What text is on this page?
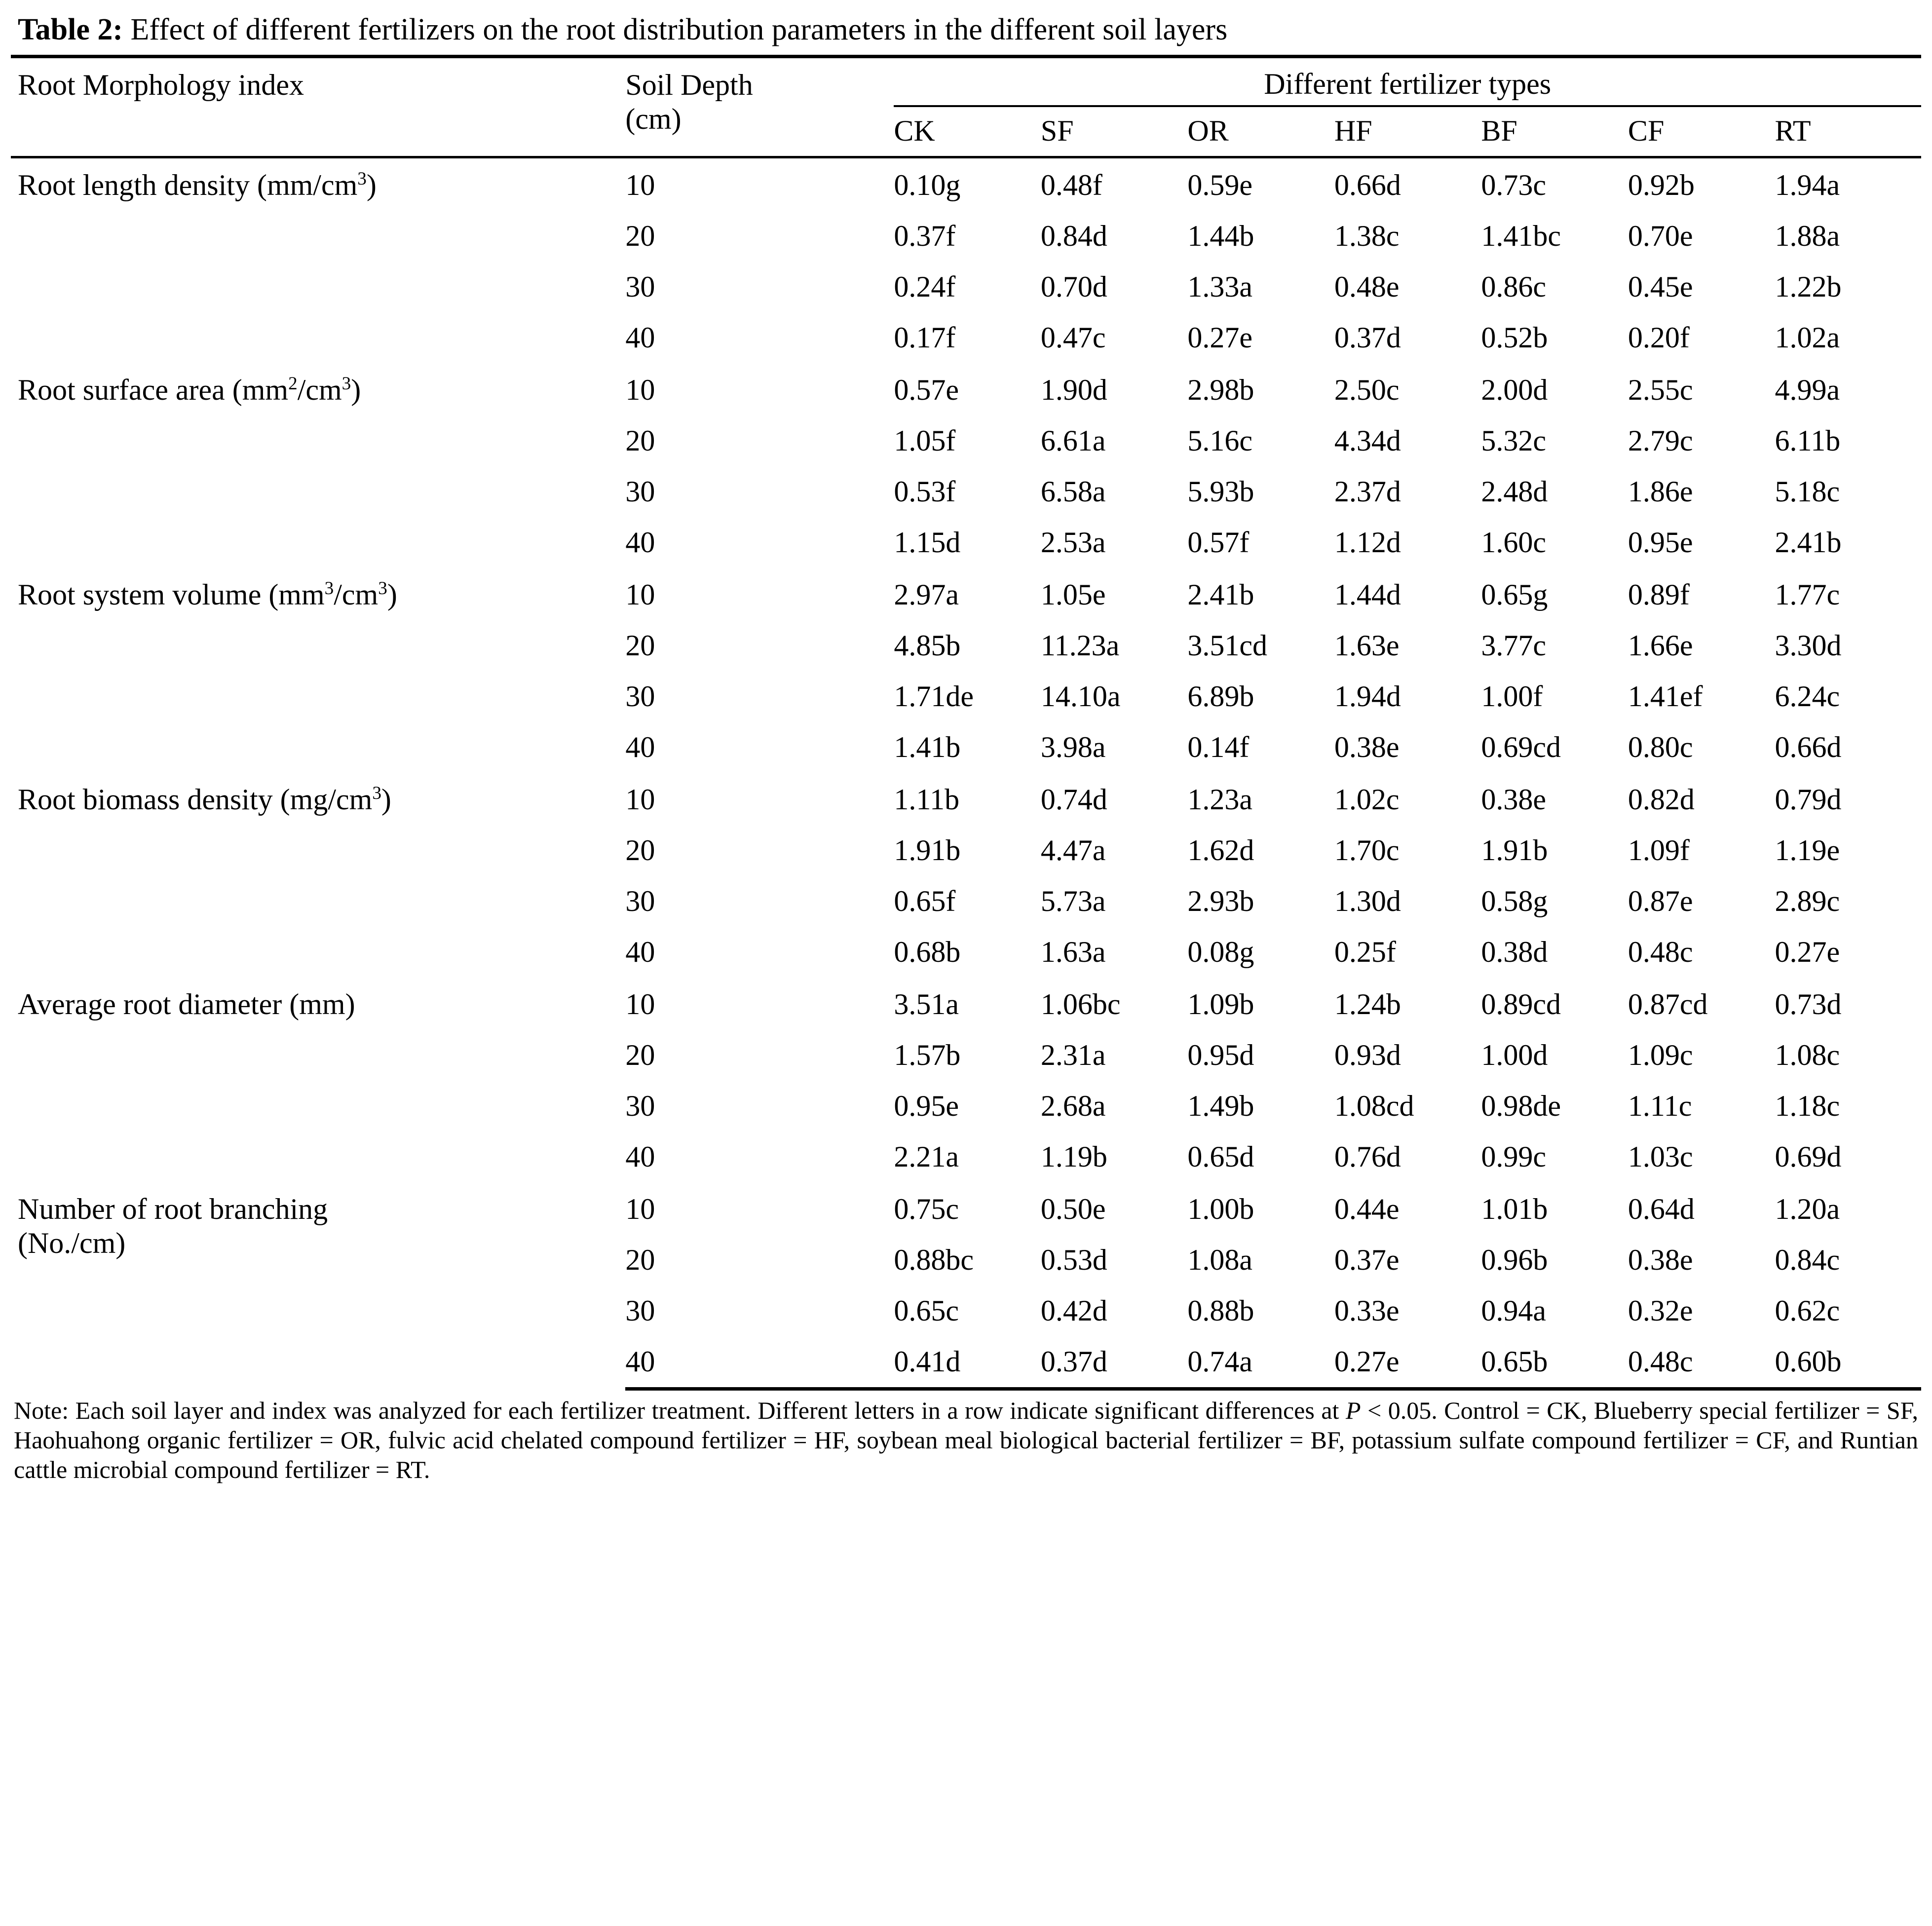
Table 2: Effect of different fertilizers on the root distribution parameters in the different soil layers
Root Morphology index	Soil Depth
(cm)	Different fertilizer types						
		CK	SF	OR	HF	BF	CF	RT
Root length density $(mm/cm^3)$	10	0.10g	0.48f	0.59e	0.66d	0.73c	0.92b	1.94a
	20	0.37f	0.84d	1.44b	1.38c	1.41bc	0.70e	1.88a
	30	0.24f	0.70d	1.33a	0.48e	0.86c	0.45e	1.22b
	40	0.17f	0.47c	0.27e	0.37d	0.52b	0.20f	1.02a
Root surface area $(mm^2/cm^3)$	10	0.57e	1.90d	2.98b	2.50c	2.00d	2.55c	4.99a
	20	1.05f	6.61a	5.16c	4.34d	5.32c	2.79c	6.11b
	30	0.53f	6.58a	5.93b	2.37d	2.48d	1.86e	5.18c
	40	1.15d	2.53a	0.57f	1.12d	1.60c	0.95e	2.41b
Root system volume $(mm^3/cm^3)$	10	2.97a	1.05e	2.41b	1.44d	0.65g	0.89f	1.77c
	20	4.85b	11.23a	3.51cd	1.63e	3.77c	1.66e	3.30d
	30	1.71de	14.10a	6.89b	1.94d	1.00f	1.41ef	6.24c
	40	1.41b	3.98a	0.14f	0.38e	0.69cd	0.80c	0.66d
Root biomass density $(mg/cm^3)$	10	1.11b	0.74d	1.23a	1.02c	0.38e	0.82d	0.79d
	20	1.91b	4.47a	1.62d	1.70c	1.91b	1.09f	1.19e
	30	0.65f	5.73a	2.93b	1.30d	0.58g	0.87e	2.89c
	40	0.68b	1.63a	0.08g	0.25f	0.38d	0.48c	0.27e
Average root diameter (mm)	10	3.51a	1.06bc	1.09b	1.24b	0.89cd	0.87cd	0.73d
	20	1.57b	2.31a	0.95d	0.93d	1.00d	1.09c	1.08c
	30	0.95e	2.68a	1.49b	1.08cd	0.98de	1.11c	1.18c
	40	2.21a	1.19b	0.65d	0.76d	0.99c	1.03c	0.69d
Number of root branching
(No./cm)	10	0.75c	0.50e	1.00b	0.44e	1.01b	0.64d	1.20a
	20	0.88bc	0.53d	1.08a	0.37e	0.96b	0.38e	0.84c
	30	0.65c	0.42d	0.88b	0.33e	0.94a	0.32e	0.62c
	40	0.41d	0.37d	0.74a	0.27e	0.65b	0.48c	0.60b
Note: Each soil layer and index was analyzed for each fertilizer treatment. Different letters in a row indicate significant differences at P < 0.05. Control = CK, Blueberry special fertilizer = SF, Haohuahong organic fertilizer = OR, fulvic acid chelated compound fertilizer = HF, soybean meal biological bacterial fertilizer = BF, potassium sulfate compound fertilizer = CF, and Runtian cattle microbial compound fertilizer = RT.
